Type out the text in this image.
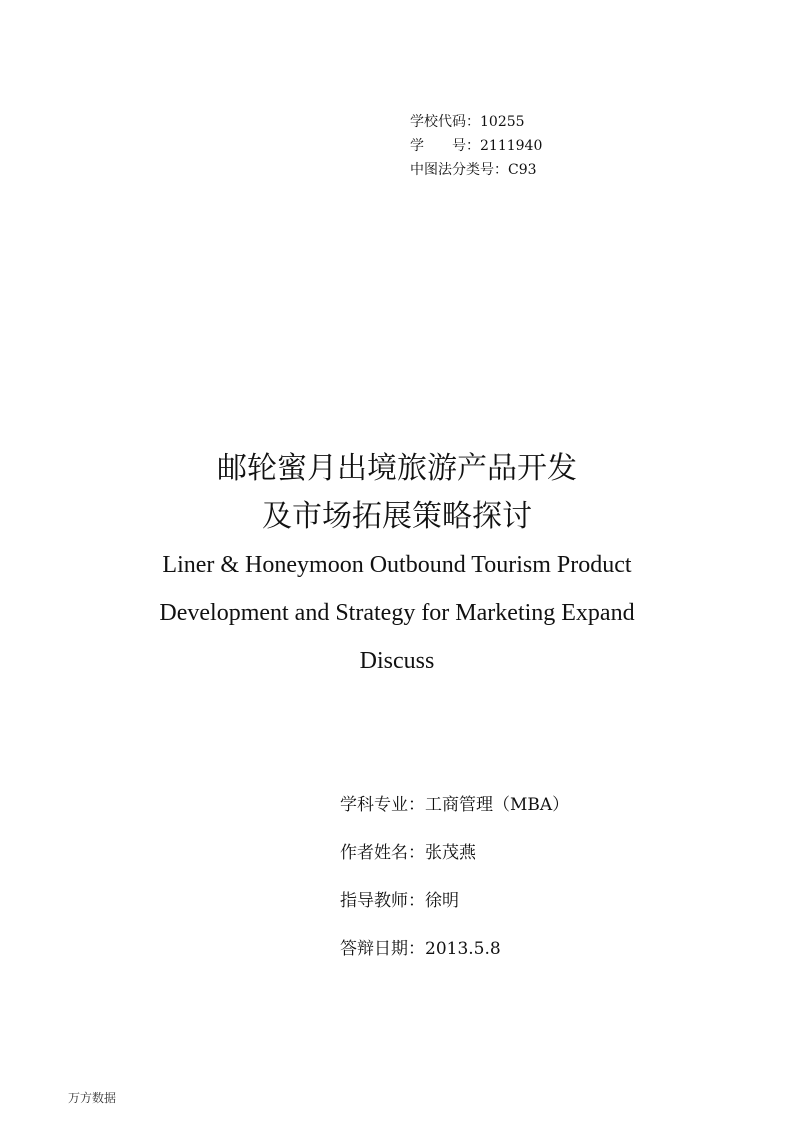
学校代码：10255
学　　号：2111940
中图法分类号：C93
邮轮蜜月出境旅游产品开发
及市场拓展策略探讨
Liner & Honeymoon Outbound Tourism Product
Development and Strategy for Marketing Expand
Discuss
学科专业：工商管理（MBA）
作者姓名：张茂燕
指导教师：徐明
答辩日期：2013.5.8
万方数据
